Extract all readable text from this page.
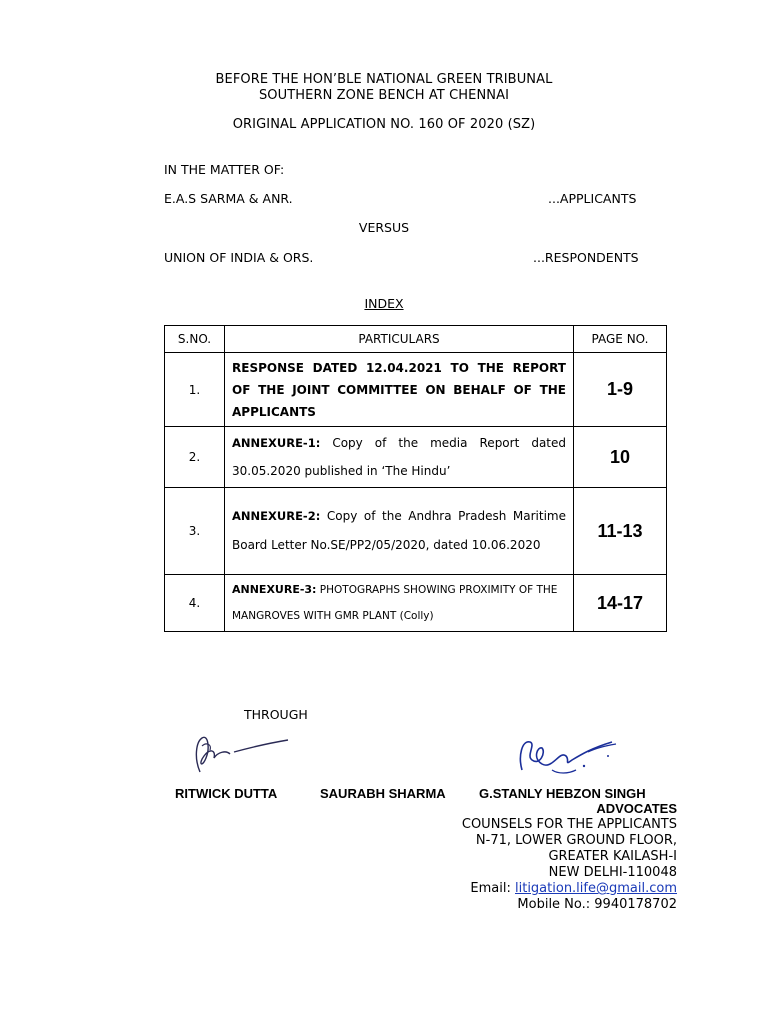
BEFORE THE HON’BLE NATIONAL GREEN TRIBUNAL
SOUTHERN ZONE BENCH AT CHENNAI
ORIGINAL APPLICATION NO. 160 OF 2020 (SZ)
IN THE MATTER OF:
E.A.S SARMA & ANR.	...APPLICANTS
VERSUS
UNION OF INDIA & ORS.	...RESPONDENTS
INDEX
S.NO.	PARTICULARS	PAGE NO.
1.	RESPONSE DATED 12.04.2021 TO THE REPORT OF THE JOINT COMMITTEE ON BEHALF OF THE APPLICANTS	1-9
2.	ANNEXURE-1: Copy of the media Report dated 30.05.2020 published in ‘The Hindu’	10
3.	ANNEXURE-2: Copy of the Andhra Pradesh Maritime Board Letter No.SE/PP2/05/2020, dated 10.06.2020	11-13
4.	ANNEXURE-3: PHOTOGRAPHS SHOWING PROXIMITY OF THE MANGROVES WITH GMR PLANT (Colly)	14-17
THROUGH
RITWICK DUTTA	SAURABH SHARMA	G.STANLY HEBZON SINGH
ADVOCATES
COUNSELS FOR THE APPLICANTS
N-71, LOWER GROUND FLOOR,
GREATER KAILASH-I
NEW DELHI-110048
Email: litigation.life@gmail.com
Mobile No.: 9940178702
